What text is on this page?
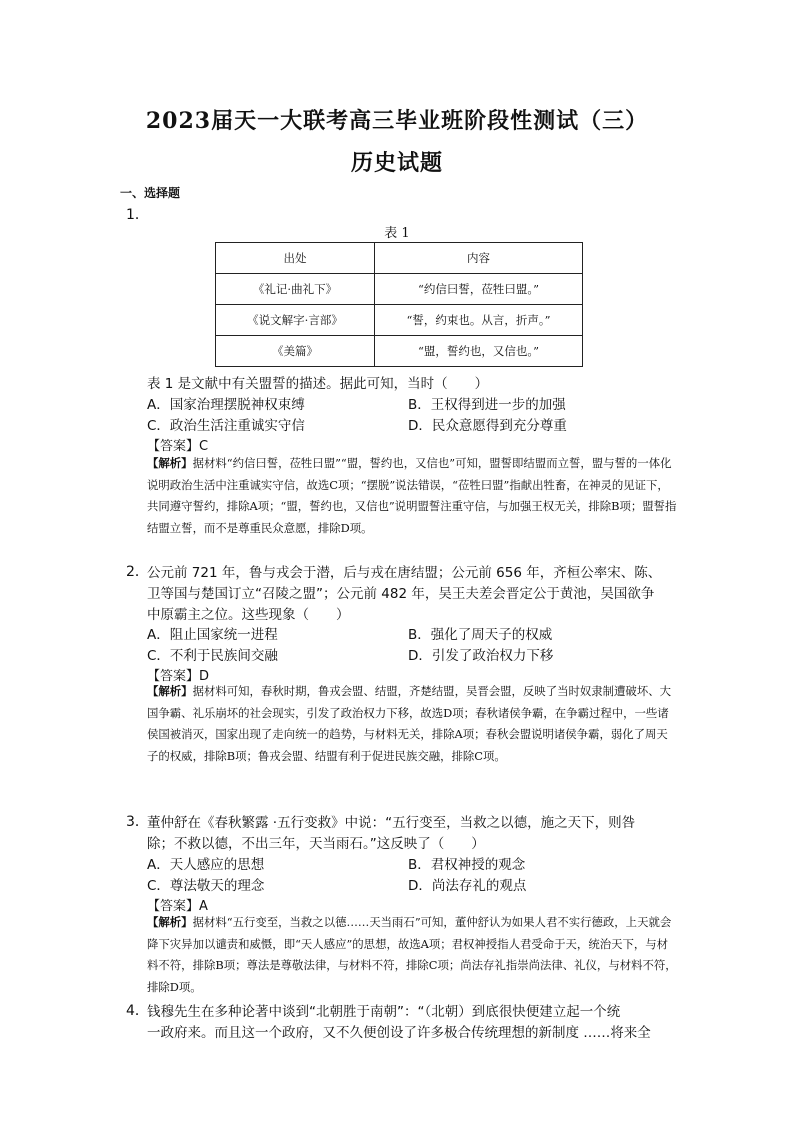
2023届天一大联考高三毕业班阶段性测试（三）
历史试题
一、选择题
1．
表 1
出处	内容
《礼记·曲礼下》	“约信曰誓，莅牲曰盟。”
《说文解字·言部》	“誓，约束也。从言，折声。”
《美篇》	“盟，誓约也，又信也。”
表 1 是文献中有关盟誓的描述。据此可知，当时（　　）
A．国家治理摆脱神权束缚	B．王权得到进一步的加强
C．政治生活注重诚实守信	D．民众意愿得到充分尊重
【答案】C
【解析】据材料“约信曰誓，莅牲曰盟”“盟，誓约也，又信也”可知，盟誓即结盟而立誓，盟与誓的一体化说明政治生活中注重诚实守信，故选C项；“摆脱”说法错误，“莅牲曰盟”指献出牲畜，在神灵的见证下，共同遵守誓约，排除A项；“盟，誓约也，又信也”说明盟誓注重守信，与加强王权无关，排除B项；盟誓指结盟立誓，而不是尊重民众意愿，排除D项。
2．
公元前 721 年，鲁与戎会于潜，后与戎在唐结盟；公元前 656 年，齐桓公率宋、陈、
卫等国与楚国订立“召陵之盟”；公元前 482 年，吴王夫差会晋定公于黄池，吴国欲争
中原霸主之位。这些现象（　　）
A．阻止国家统一进程	B．强化了周天子的权威
C．不利于民族间交融	D．引发了政治权力下移
【答案】D
【解析】据材料可知，春秋时期，鲁戎会盟、结盟，齐楚结盟，吴晋会盟，反映了当时奴隶制遭破坏、大国争霸、礼乐崩坏的社会现实，引发了政治权力下移，故选D项；春秋诸侯争霸，在争霸过程中，一些诸侯国被消灭，国家出现了走向统一的趋势，与材料无关，排除A项；春秋会盟说明诸侯争霸，弱化了周天子的权威，排除B项；鲁戎会盟、结盟有利于促进民族交融，排除C项。
3．
董仲舒在《春秋繁露 ·五行变救》中说：“五行变至，当救之以德，施之天下，则咎
除；不救以德，不出三年，天当雨石。”这反映了（　　）
A．天人感应的思想	B．君权神授的观念
C．尊法敬天的理念	D．尚法存礼的观点
【答案】A
【解析】据材料“五行变至，当救之以德……天当雨石”可知，董仲舒认为如果人君不实行德政，上天就会降下灾异加以谴责和威慑，即“天人感应”的思想，故选A项；君权神授指人君受命于天，统治天下，与材料不符，排除B项；尊法是尊敬法律，与材料不符，排除C项；尚法存礼指崇尚法律、礼仪，与材料不符，排除D项。
4．
钱穆先生在多种论著中谈到“北朝胜于南朝”：“（北朝）到底很快便建立起一个统
一政府来。而且这一个政府，又不久便创设了许多极合传统理想的新制度 ……将来全
